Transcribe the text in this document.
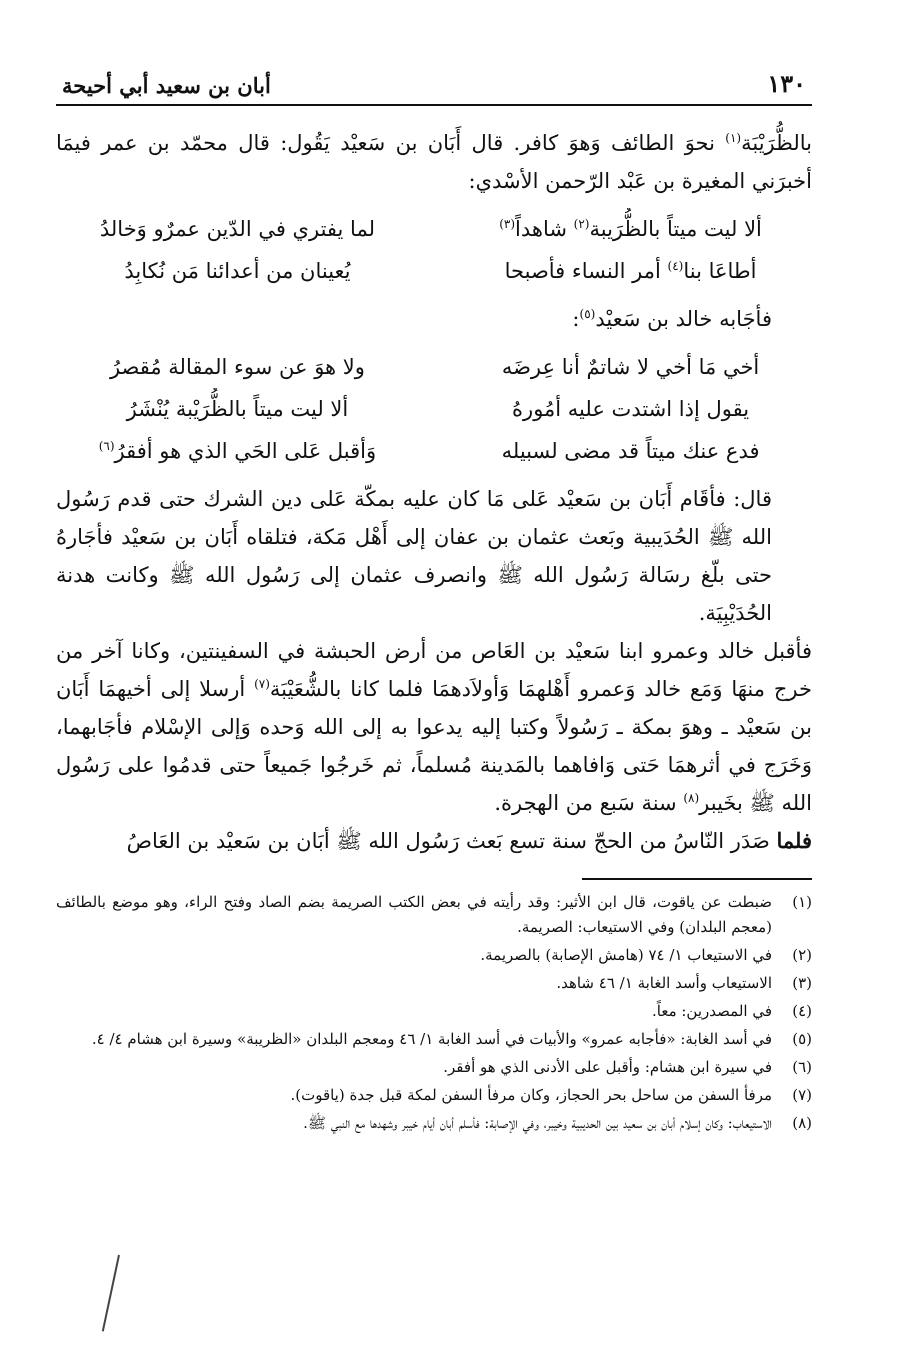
١٣٠
أبان بن سعيد أبي أحيحة

بالظُّرَيْبَة$^{(١)}$ نحوَ الطائف وَهوَ كافر. قال أَبَان بن سَعيْد يَقُول: قال محمّد بن عمر فيمَا أخبرَني المغيرة بن عَبْد الرّحمن الأسْدي:

ألا ليت ميتاً بالظُّرَيبة$^{(٢)}$ شاهداً$^{(٣)}$
لما يفتري في الدّين عمرٌو وَخالدُ
أطاعَا بنا$^{(٤)}$ أمر النساء فأصبحا
يُعينان من أعدائنا مَن نُكابِدُ

فأجَابه خالد بن سَعيْد$^{(٥)}$:

أخي مَا أخي لا شاتمٌ أنا عِرضَه
ولا هوَ عن سوء المقالة مُقصرُ
يقول إذا اشتدت عليه أمُورهُ
ألا ليت ميتاً بالظُّرَيْبة يُنْشَرُ
فدع عنك ميتاً قد مضى لسبيله
وَأقبل عَلى الحَي الذي هو أفقرُ$^{(٦)}$

قال: فأقَام أَبَان بن سَعيْد عَلى مَا كان عليه بمكّة عَلى دين الشرك حتى قدم رَسُول الله ﷺ الحُدَيبية وبَعث عثمان بن عفان إلى أَهْل مَكة، فتلقاه أَبَان بن سَعيْد فأجَارهُ حتى بلّغ رسَالة رَسُول الله ﷺ وانصرف عثمان إلى رَسُول الله ﷺ وكانت هدنة الحُدَيْبِيَة.

فأقبل خالد وعمرو ابنا سَعيْد بن العَاص من أرض الحبشة في السفينتين، وكانا آخر من خرج منهَا وَمَع خالد وَعمرو أَهْلهمَا وَأولاَدهمَا فلما كانا بالشُّعَيْبَة$^{(٧)}$ أرسلا إلى أخيهمَا أَبَان بن سَعيْد ـ وهوَ بمكة ـ رَسُولاً وكتبا إليه يدعوا به إلى الله وَحده وَإلى الإسْلام فأجَابهما، وَخَرَج في أثرهمَا حَتى وَافاهما بالمَدينة مُسلماً، ثم خَرجُوا جَميعاً حتى قدمُوا على رَسُول الله ﷺ بخَيبر$^{(٨)}$ سنة سَبع من الهجرة.

فلما صَدَر النّاسُ من الحجّ سنة تسع بَعث رَسُول الله ﷺ أبَان بن سَعيْد بن العَاصُ

(١)
ضبطت عن ياقوت، قال ابن الأثير: وقد رأيته في بعض الكتب الصريمة بضم الصاد وفتح الراء، وهو موضع بالطائف (معجم البلدان) وفي الاستيعاب: الصريمة.
(٢)
في الاستيعاب ١/ ٧٤ (هامش الإصابة) بالصريمة.
(٣)
الاستيعاب وأسد الغابة ١/ ٤٦ شاهد.
(٤)
في المصدرين: معاً.
(٥)
في أسد الغابة: «فأجابه عمرو» والأبيات في أسد الغابة ١/ ٤٦ ومعجم البلدان «الظريبة» وسيرة ابن هشام ٤/ ٤.
(٦)
في سيرة ابن هشام: وأقبل على الأدنى الذي هو أفقر.
(٧)
مرفأ السفن من ساحل بحر الحجاز، وكان مرفأ السفن لمكة قبل جدة (ياقوت).
(٨)
الاستيعاب: وكان إسلام أبان بن سعيد بين الحديبية وخيبر، وفي الإصابة: فأسلم أبان أيام خيبر وشهدها مع النبي ﷺ.
